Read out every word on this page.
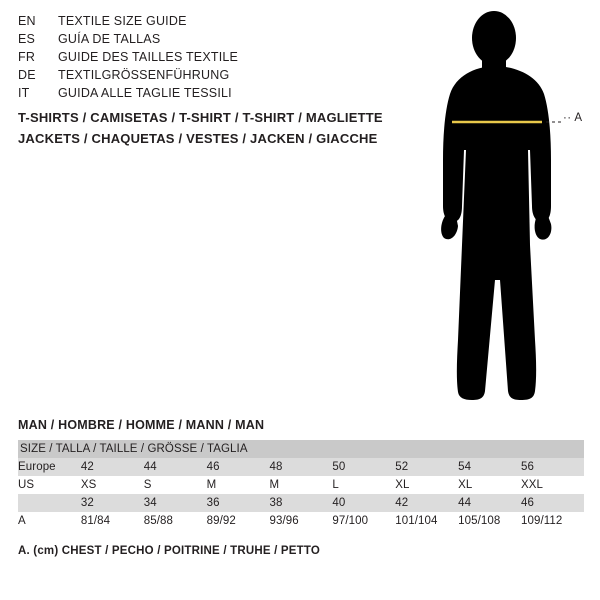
EN	TEXTILE SIZE GUIDE
ES	GUÍA DE TALLAS
FR	GUIDE DES TAILLES TEXTILE
DE	TEXTILGRÖSSENFÜHRUNG
IT	GUIDA ALLE TAGLIE TESSILI
T-SHIRTS / CAMISETAS / T-SHIRT / T-SHIRT / MAGLIETTE
JACKETS / CHAQUETAS / VESTES / JACKEN / GIACCHE
·· A
MAN / HOMBRE / HOMME / MANN / MAN
SIZE / TALLA / TAILLE / GRÖSSE / TAGLIA								
Europe	42	44	46	48	50	52	54	56
US	XS	S	M	M	L	XL	XL	XXL
	32	34	36	38	40	42	44	46
A	81/84	85/88	89/92	93/96	97/100	101/104	105/108	109/112
A. (cm) CHEST / PECHO / POITRINE / TRUHE / PETTO
